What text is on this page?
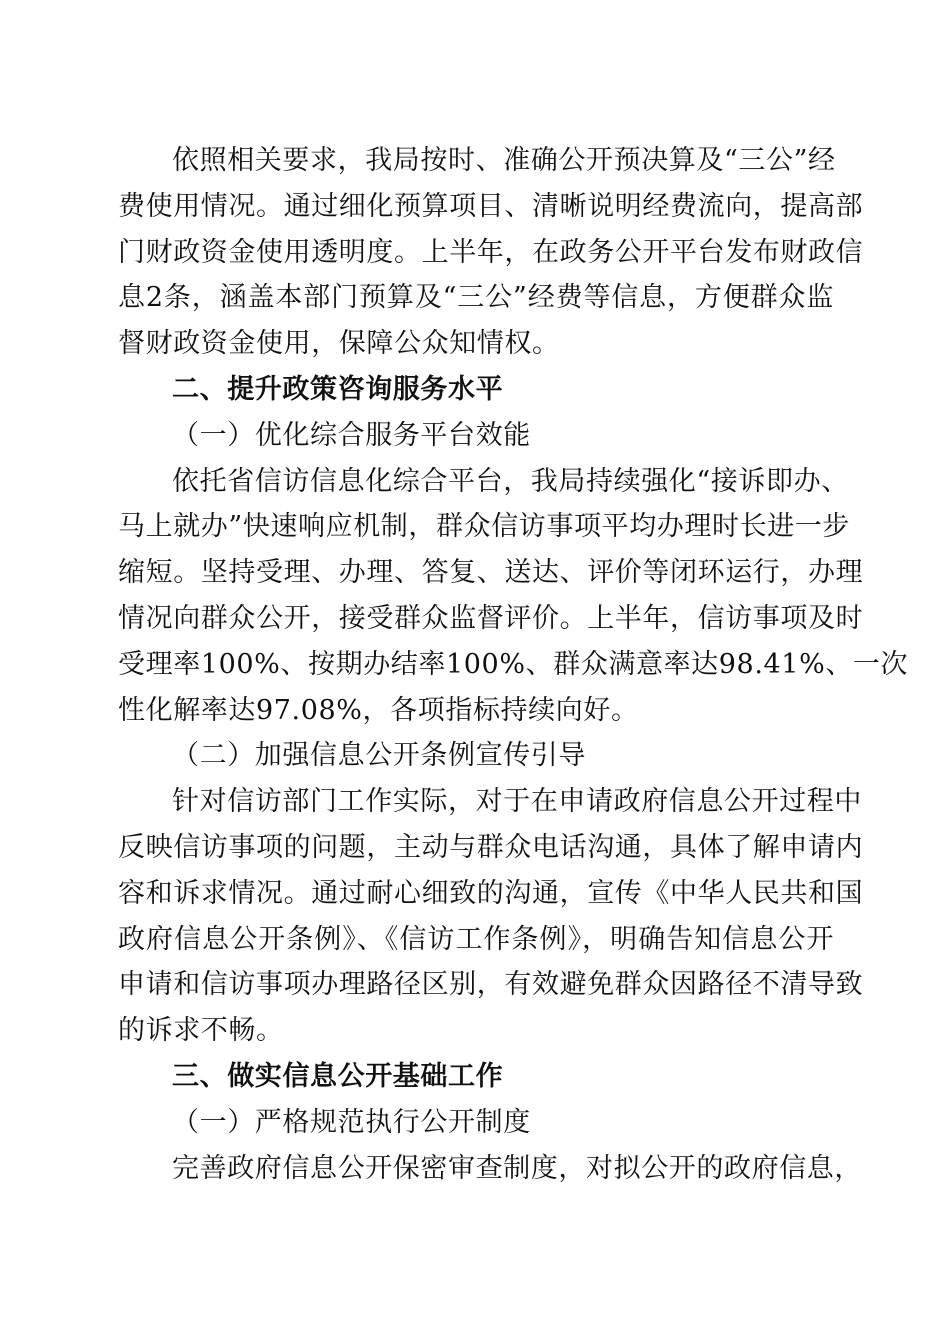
依照相关要求，我局按时、准确公开预决算及“三公”经
费使用情况。通过细化预算项目、清晰说明经费流向，提高部
门财政资金使用透明度。上半年，在政务公开平台发布财政信
息2条，涵盖本部门预算及“三公”经费等信息，方便群众监
督财政资金使用，保障公众知情权。
二、提升政策咨询服务水平
（一）优化综合服务平台效能
依托省信访信息化综合平台，我局持续强化“接诉即办、
马上就办”快速响应机制，群众信访事项平均办理时长进一步
缩短。坚持受理、办理、答复、送达、评价等闭环运行，办理
情况向群众公开，接受群众监督评价。上半年，信访事项及时
受理率100%、按期办结率100%、群众满意率达98.41%、一次
性化解率达97.08%，各项指标持续向好。
（二）加强信息公开条例宣传引导
针对信访部门工作实际，对于在申请政府信息公开过程中
反映信访事项的问题，主动与群众电话沟通，具体了解申请内
容和诉求情况。通过耐心细致的沟通，宣传《中华人民共和国
政府信息公开条例》、《信访工作条例》，明确告知信息公开
申请和信访事项办理路径区别，有效避免群众因路径不清导致
的诉求不畅。
三、做实信息公开基础工作
（一）严格规范执行公开制度
完善政府信息公开保密审查制度，对拟公开的政府信息，
